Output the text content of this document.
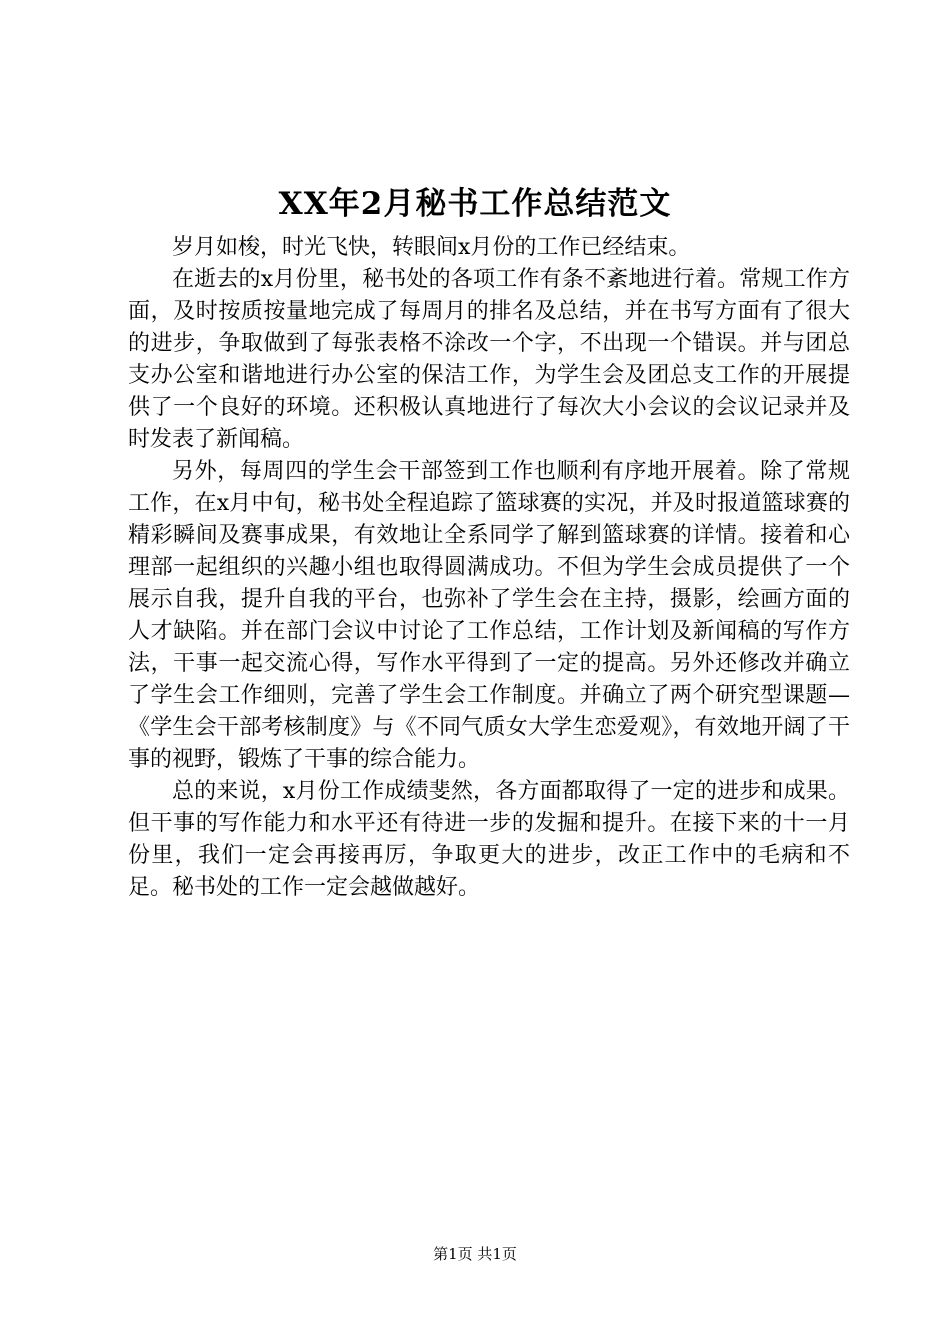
XX年2月秘书工作总结范文

岁月如梭，时光飞快，转眼间x月份的工作已经结束。

在逝去的x月份里，秘书处的各项工作有条不紊地进行着。常规工作方面，及时按质按量地完成了每周月的排名及总结，并在书写方面有了很大的进步，争取做到了每张表格不涂改一个字，不出现一个错误。并与团总支办公室和谐地进行办公室的保洁工作，为学生会及团总支工作的开展提供了一个良好的环境。还积极认真地进行了每次大小会议的会议记录并及时发表了新闻稿。

另外，每周四的学生会干部签到工作也顺利有序地开展着。除了常规工作，在x月中旬，秘书处全程追踪了篮球赛的实况，并及时报道篮球赛的精彩瞬间及赛事成果，有效地让全系同学了解到篮球赛的详情。接着和心理部一起组织的兴趣小组也取得圆满成功。不但为学生会成员提供了一个展示自我，提升自我的平台，也弥补了学生会在主持，摄影，绘画方面的人才缺陷。并在部门会议中讨论了工作总结，工作计划及新闻稿的写作方法，干事一起交流心得，写作水平得到了一定的提高。另外还修改并确立了学生会工作细则，完善了学生会工作制度。并确立了两个研究型课题—《学生会干部考核制度》与《不同气质女大学生恋爱观》，有效地开阔了干事的视野，锻炼了干事的综合能力。

总的来说，x月份工作成绩斐然，各方面都取得了一定的进步和成果。但干事的写作能力和水平还有待进一步的发掘和提升。在接下来的十一月份里，我们一定会再接再厉，争取更大的进步，改正工作中的毛病和不足。秘书处的工作一定会越做越好。

第1页 共1页
